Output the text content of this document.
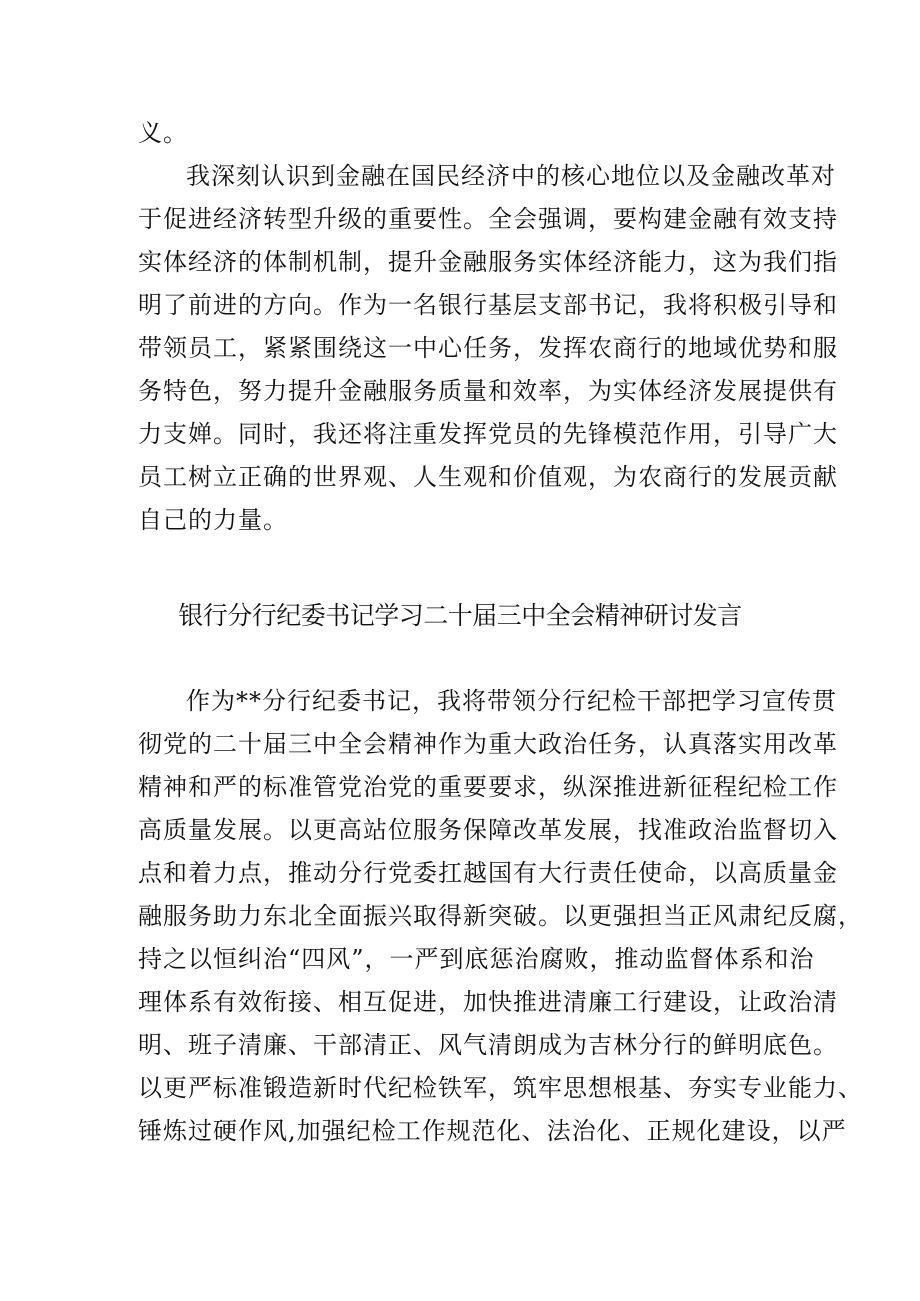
义。
我深刻认识到金融在国民经济中的核心地位以及金融改革对
于促进经济转型升级的重要性。全会强调，要构建金融有效支持
实体经济的体制机制，提升金融服务实体经济能力，这为我们指
明了前进的方向。作为一名银行基层支部书记，我将积极引导和
带领员工，紧紧围绕这一中心任务，发挥农商行的地域优势和服
务特色，努力提升金融服务质量和效率，为实体经济发展提供有
力支婵。同时，我还将注重发挥党员的先锋模范作用，引导广大
员工树立正确的世界观、人生观和价值观，为农商行的发展贡献
自己的力量。
银行分行纪委书记学习二十届三中全会精神研讨发言
作为**分行纪委书记，我将带领分行纪检干部把学习宣传贯
彻党的二十届三中全会精神作为重大政治任务，认真落实用改革
精神和严的标准管党治党的重要要求，纵深推进新征程纪检工作
高质量发展。以更高站位服务保障改革发展，找准政治监督切入
点和着力点，推动分行党委扛越国有大行责任使命，以高质量金
融服务助力东北全面振兴取得新突破。以更强担当正风肃纪反腐，
持之以恒纠治“四风”，一严到底惩治腐败，推动监督体系和治
理体系有效衔接、相互促进，加快推进清廉工行建设，让政治清
明、班子清廉、干部清正、风气清朗成为吉林分行的鲜明底色。
以更严标准锻造新时代纪检铁军，筑牢思想根基、夯实专业能力、
锤炼过硬作风,加强纪检工作规范化、法治化、正规化建设，以严
